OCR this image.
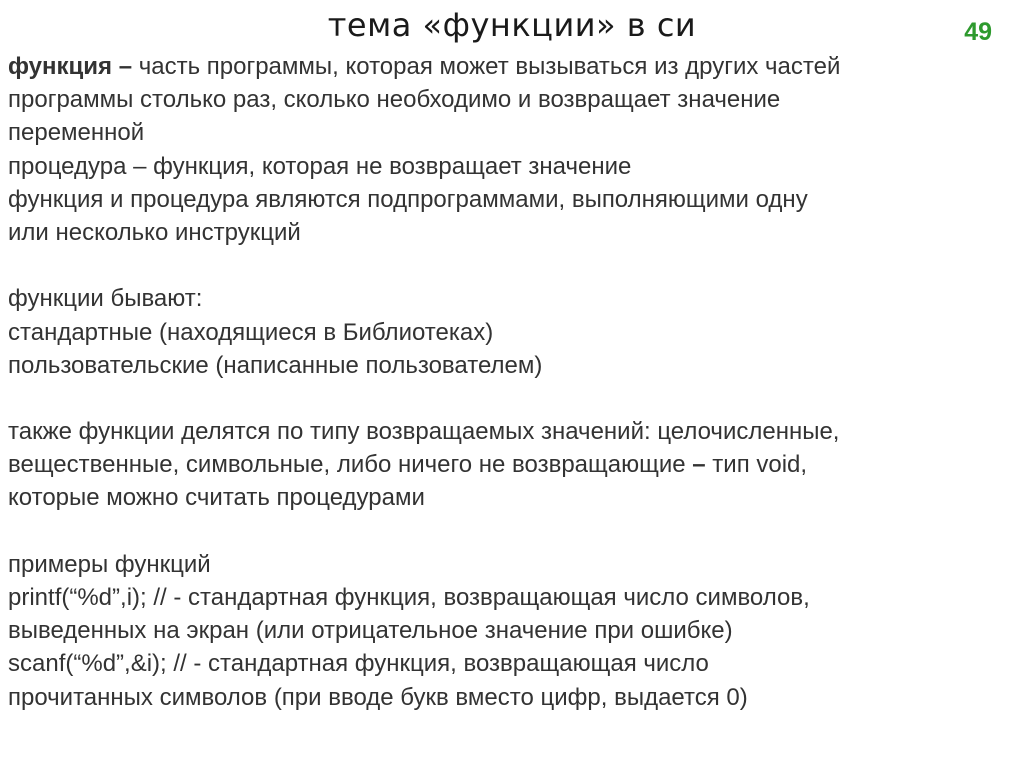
тема «функции» в си	49
функция – часть программы, которая может вызываться из других частей
программы столько раз, сколько необходимо и возвращает значение
переменной
процедура – функция, которая не возвращает значение
функция и процедура являются подпрограммами, выполняющими одну
или несколько инструкций
функции бывают:
стандартные (находящиеся в Библиотеках)
пользовательские (написанные пользователем)
также функции делятся по типу возвращаемых значений: целочисленные,
вещественные, символьные, либо ничего не возвращающие – тип void,
которые можно считать процедурами
примеры функций
printf(“%d”,i); // - стандартная функция, возвращающая число символов,
выведенных на экран (или отрицательное значение при ошибке)
scanf(“%d”,&i); // - стандартная функция, возвращающая число
прочитанных символов (при вводе букв вместо цифр, выдается 0)
